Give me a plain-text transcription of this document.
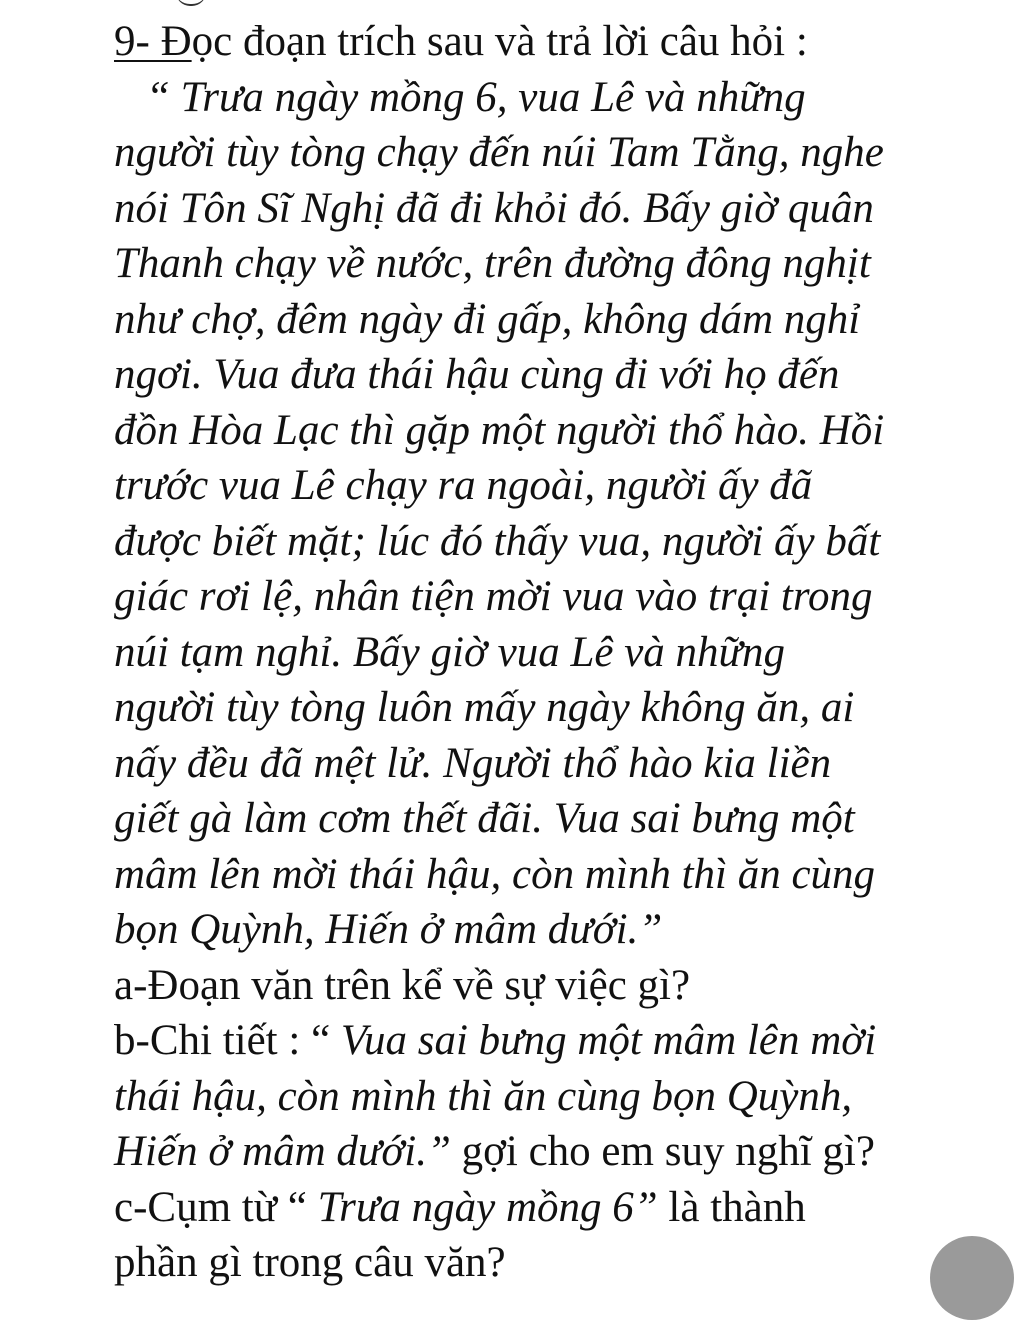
9- Đọc đoạn trích sau và trả lời câu hỏi :
“ Trưa ngày mồng 6, vua Lê và những
người tùy tòng chạy đến núi Tam Tằng, nghe
nói Tôn Sĩ Nghị đã đi khỏi đó. Bấy giờ quân
Thanh chạy về nước, trên đường đông nghịt
như chợ, đêm ngày đi gấp, không dám nghỉ
ngơi. Vua đưa thái hậu cùng đi với họ đến
đồn Hòa Lạc thì gặp một người thổ hào. Hồi
trước vua Lê chạy ra ngoài, người ấy đã
được biết mặt; lúc đó thấy vua, người ấy bất
giác rơi lệ, nhân tiện mời vua vào trại trong
núi tạm nghỉ. Bấy giờ vua Lê và những
người tùy tòng luôn mấy ngày không ăn, ai
nấy đều đã mệt lử. Người thổ hào kia liền
giết gà làm cơm thết đãi. Vua sai bưng một
mâm lên mời thái hậu, còn mình thì ăn cùng
bọn Quỳnh, Hiến ở mâm dưới.”
a-Đoạn văn trên kể về sự việc gì?
b-Chi tiết : “ Vua sai bưng một mâm lên mời
thái hậu, còn mình thì ăn cùng bọn Quỳnh,
Hiến ở mâm dưới.” gợi cho em suy nghĩ gì?
c-Cụm từ “ Trưa ngày mồng 6” là thành
phần gì trong câu văn?
